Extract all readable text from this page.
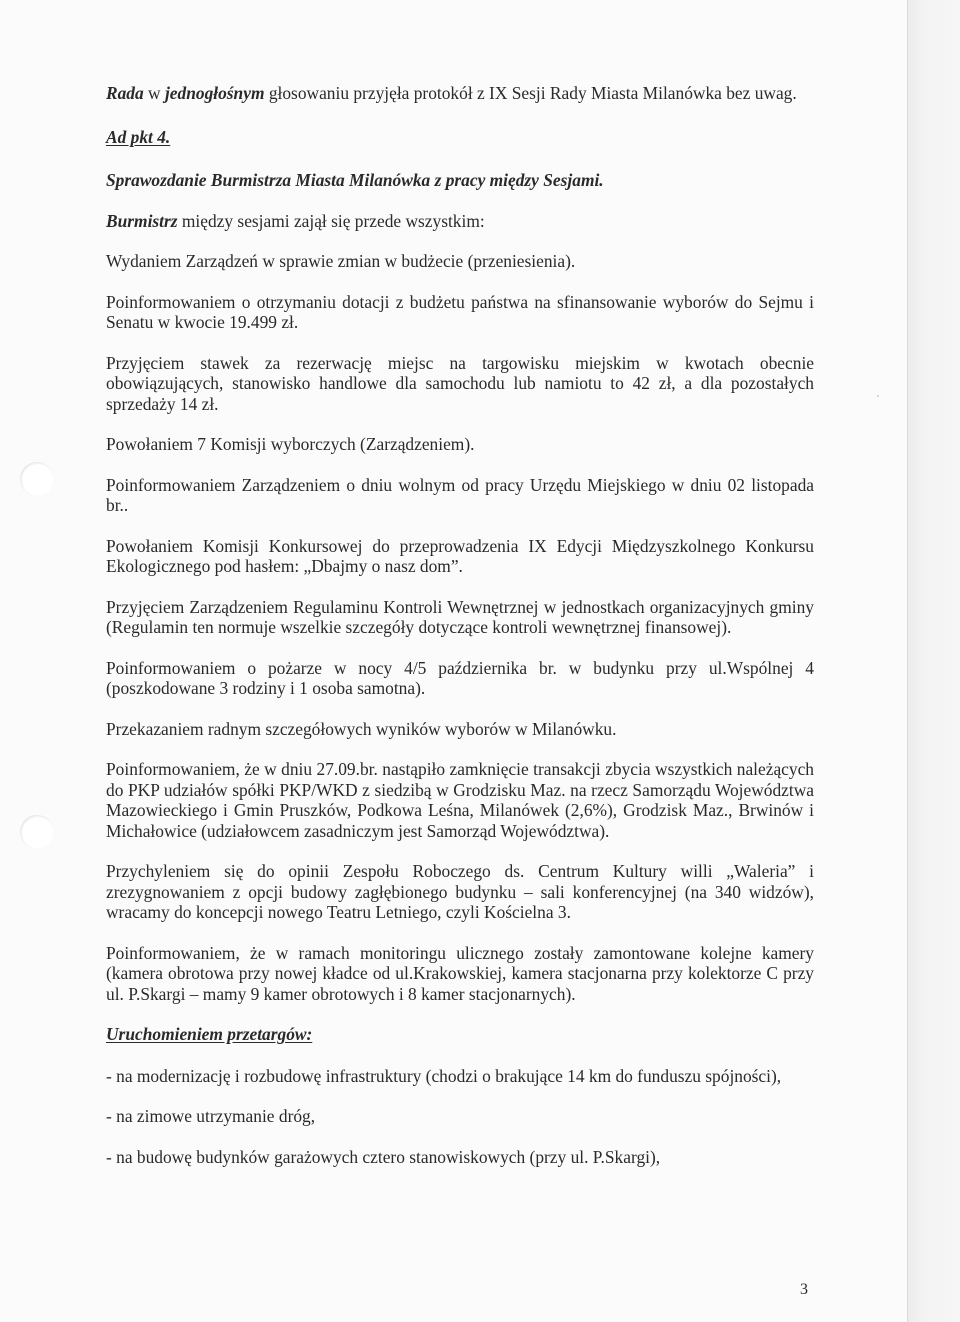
Rada w jednogłośnym głosowaniu przyjęła protokół z IX Sesji Rady Miasta Milanówka bez uwag.

Ad pkt 4.

Sprawozdanie Burmistrza Miasta Milanówka z pracy między Sesjami.

Burmistrz między sesjami zajął się przede wszystkim:

Wydaniem Zarządzeń w sprawie zmian w budżecie (przeniesienia).

Poinformowaniem o otrzymaniu dotacji z budżetu państwa na sfinansowanie wyborów do Sejmu i Senatu w kwocie 19.499 zł.

Przyjęciem stawek za rezerwację miejsc na targowisku miejskim w kwotach obecnie obowiązujących, stanowisko handlowe dla samochodu lub namiotu to 42 zł, a dla pozostałych sprzedaży 14 zł.

Powołaniem 7 Komisji wyborczych (Zarządzeniem).

Poinformowaniem Zarządzeniem o dniu wolnym od pracy Urzędu Miejskiego w dniu 02 listopada br..

Powołaniem Komisji Konkursowej do przeprowadzenia IX Edycji Międzyszkolnego Konkursu Ekologicznego pod hasłem: „Dbajmy o nasz dom”.

Przyjęciem Zarządzeniem Regulaminu Kontroli Wewnętrznej w jednostkach organizacyjnych gminy (Regulamin ten normuje wszelkie szczegóły dotyczące kontroli wewnętrznej finansowej).

Poinformowaniem o pożarze w nocy 4/5 października br. w budynku przy ul.Wspólnej 4 (poszkodowane 3 rodziny i 1 osoba samotna).

Przekazaniem radnym szczegółowych wyników wyborów w Milanówku.

Poinformowaniem, że w dniu 27.09.br. nastąpiło zamknięcie transakcji zbycia wszystkich należących do PKP udziałów spółki PKP/WKD z siedzibą w Grodzisku Maz. na rzecz Samorządu Województwa Mazowieckiego i Gmin Pruszków, Podkowa Leśna, Milanówek (2,6%), Grodzisk Maz., Brwinów i Michałowice (udziałowcem zasadniczym jest Samorząd Województwa).

Przychyleniem się do opinii Zespołu Roboczego ds. Centrum Kultury willi „Waleria” i zrezygnowaniem z opcji budowy zagłębionego budynku – sali konferencyjnej (na 340 widzów), wracamy do koncepcji nowego Teatru Letniego, czyli Kościelna 3.

Poinformowaniem, że w ramach monitoringu ulicznego zostały zamontowane kolejne kamery (kamera obrotowa przy nowej kładce od ul.Krakowskiej, kamera stacjonarna przy kolektorze C przy ul. P.Skargi – mamy 9 kamer obrotowych i 8 kamer stacjonarnych).

Uruchomieniem przetargów:

- na modernizację i rozbudowę infrastruktury (chodzi o brakujące 14 km do funduszu spójności),

- na zimowe utrzymanie dróg,

- na budowę budynków garażowych cztero stanowiskowych (przy ul. P.Skargi),

3
